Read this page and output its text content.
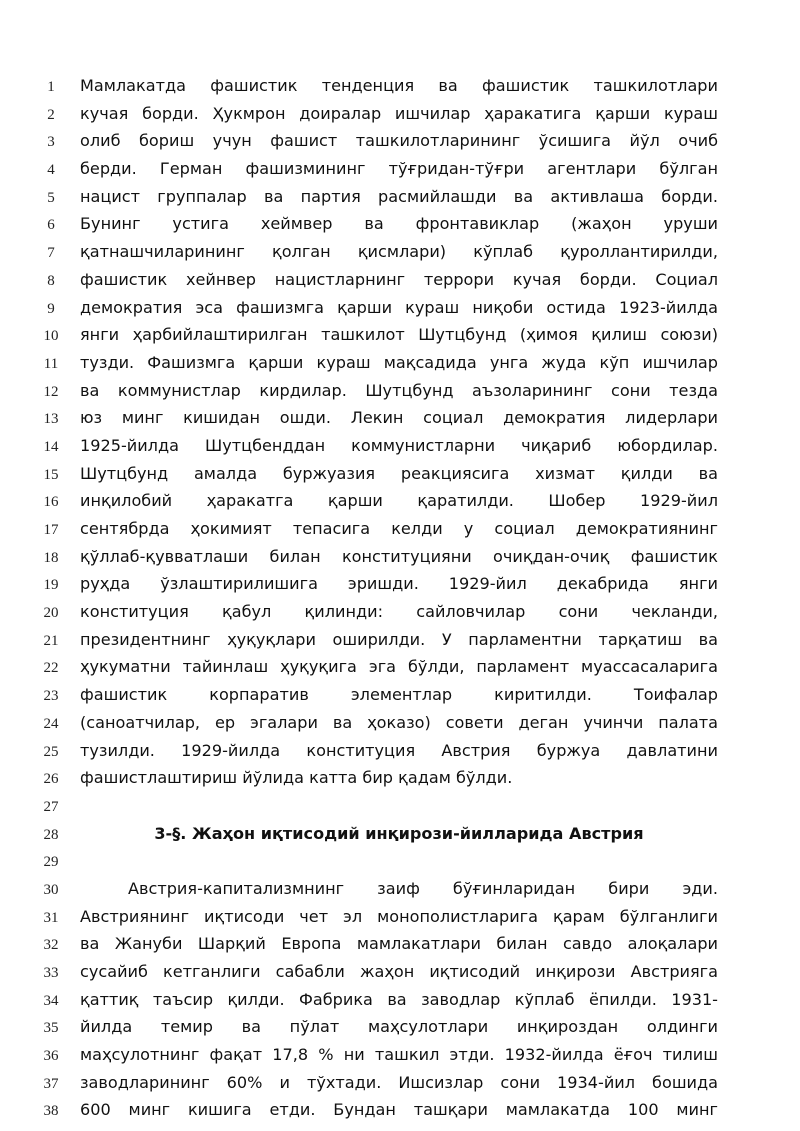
1	Мамлакатда фашистик тенденция ва фашистик ташкилотлари
2	кучая борди. Ҳукмрон доиралар ишчилар ҳаракатига қарши кураш
3	олиб бориш учун фашист ташкилотларининг ўсишига йўл очиб
4	берди. Герман фашизмининг тўғридан-тўғри агентлари бўлган
5	нацист группалар ва партия расмийлашди ва активлаша борди.
6	Бунинг устига хеймвер ва фронтавиклар (жаҳон уруши
7	қатнашчиларининг қолган қисмлари) кўплаб қуроллантирилди,
8	фашистик хейнвер нацистларнинг террори кучая борди. Социал
9	демократия эса фашизмга қарши кураш ниқоби остида 1923-йилда
10	янги ҳарбийлаштирилган ташкилот Шутцбунд (ҳимоя қилиш союзи)
11	тузди. Фашизмга қарши кураш мақсадида унга жуда кўп ишчилар
12	ва коммунистлар кирдилар. Шутцбунд аъзоларининг сони тезда
13	юз минг кишидан ошди. Лекин социал демократия лидерлари
14	1925-йилда Шутцбенддан коммунистларни чиқариб юбордилар.
15	Шутцбунд амалда буржуазия реакциясига хизмат қилди ва
16	инқилобий ҳаракатга қарши қаратилди. Шобер 1929-йил
17	сентябрда ҳокимият тепасига келди у социал демократиянинг
18	қўллаб-қувватлаши билан конституцияни очиқдан-очиқ фашистик
19	руҳда ўзлаштирилишига эришди. 1929-йил декабрида янги
20	конституция қабул қилинди: сайловчилар сони чекланди,
21	президентнинг ҳуқуқлари оширилди. У парламентни тарқатиш ва
22	ҳукуматни тайинлаш ҳуқуқига эга бўлди, парламент муассасаларига
23	фашистик корпаратив элементлар киритилди. Тоифалар
24	(саноатчилар, ер эгалари ва ҳоказо) совети деган учинчи палата
25	тузилди. 1929-йилда конституция Австрия буржуа давлатини
26	фашистлаштириш йўлида катта бир қадам бўлди.
27
28	3-§. Жаҳон иқтисодий инқирози-йилларида Австрия
29
30	Австрия-капитализмнинг заиф бўғинларидан бири эди.
31	Австриянинг иқтисоди чет эл монополистларига қарам бўлганлиги
32	ва Жануби Шарқий Европа мамлакатлари билан савдо алоқалари
33	сусайиб кетганлиги сабабли жаҳон иқтисодий инқирози Австрияга
34	қаттиқ таъсир қилди. Фабрика ва заводлар кўплаб ёпилди. 1931-
35	йилда темир ва пўлат маҳсулотлари инқироздан олдинги
36	маҳсулотнинг фақат 17,8 % ни ташкил этди. 1932-йилда ёғоч тилиш
37	заводларининг 60% и тўхтади. Ишсизлар сони 1934-йил бошида
38	600 минг кишига етди. Бундан ташқари мамлакатда 100 минг
